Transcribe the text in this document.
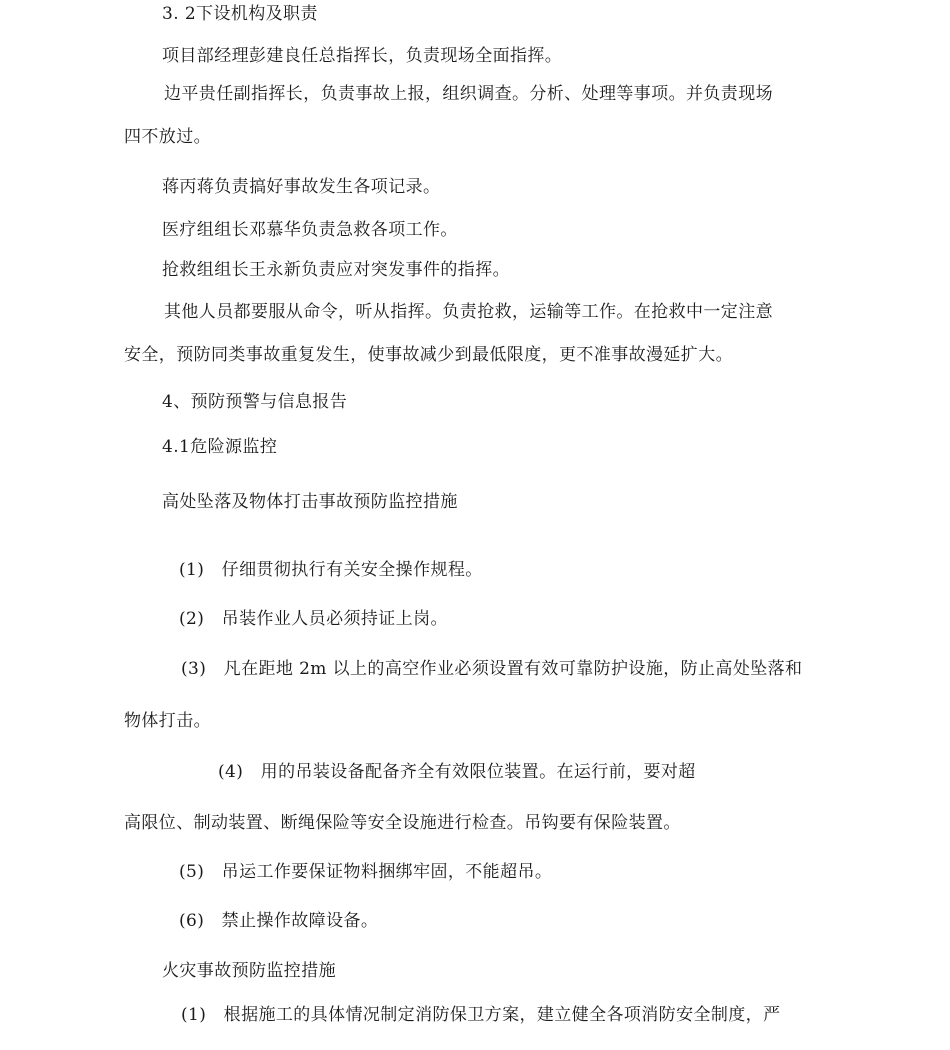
3. 2下设机构及职责
项目部经理彭建良任总指挥长，负责现场全面指挥。
边平贵任副指挥长，负责事故上报，组织调查。分析、处理等事项。并负责现场
四不放过。
蒋丙蒋负责搞好事故发生各项记录。
医疗组组长邓慕华负责急救各项工作。
抢救组组长王永新负责应对突发事件的指挥。
其他人员都要服从命令，听从指挥。负责抢救，运输等工作。在抢救中一定注意
安全，预防同类事故重复发生，使事故减少到最低限度，更不准事故漫延扩大。
4、预防预警与信息报告
4.1危险源监控
高处坠落及物体打击事故预防监控措施
(1)　仔细贯彻执行有关安全操作规程。
(2)　吊装作业人员必须持证上岗。
(3)　凡在距地 2m 以上的高空作业必须设置有效可靠防护设施，防止高处坠落和
物体打击。
(4)　用的吊装设备配备齐全有效限位装置。在运行前，要对超
高限位、制动装置、断绳保险等安全设施进行检查。吊钩要有保险装置。
(5)　吊运工作要保证物料捆绑牢固，不能超吊。
(6)　禁止操作故障设备。
火灾事故预防监控措施
(1)　根据施工的具体情况制定消防保卫方案，建立健全各项消防安全制度，严
